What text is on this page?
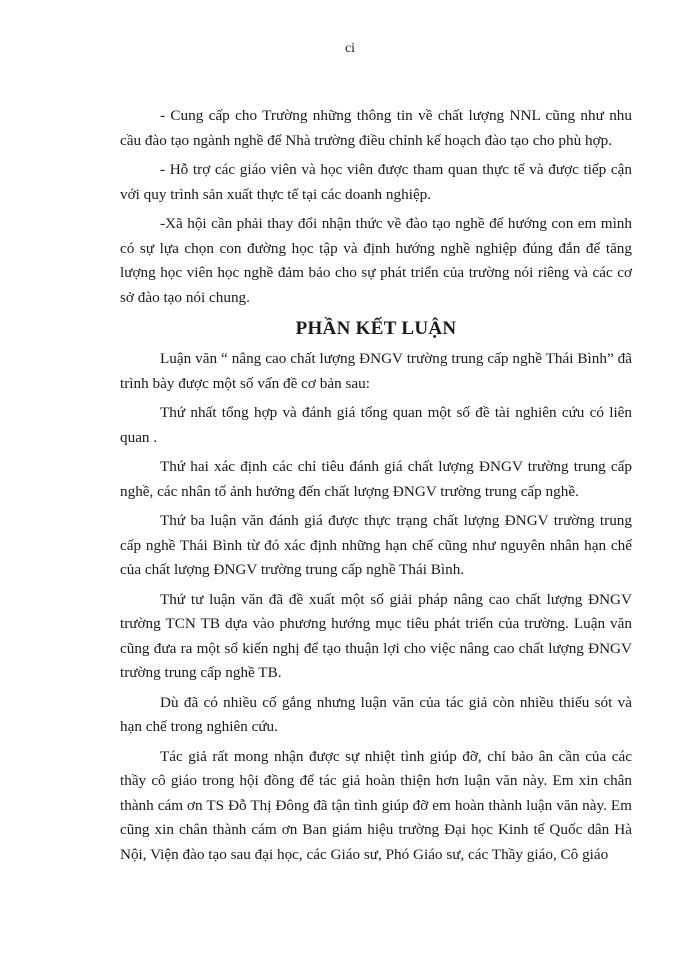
ci

- Cung cấp cho Trường những thông tin về chất lượng NNL cũng như nhu cầu đào tạo ngành nghề để Nhà trường điều chỉnh kế hoạch đào tạo cho phù hợp.

- Hỗ trợ các giáo viên và học viên được tham quan thực tế và được tiếp cận với quy trình sản xuất thực tế tại các doanh nghiệp.

-Xã hội cần phải thay đổi nhận thức về đào tạo nghề để hướng con em mình có sự lựa chọn con đường học tập và định hướng nghề nghiệp đúng đắn để tăng lượng học viên học nghề đảm bảo cho sự phát triển của trường nói riêng và các cơ sở đào tạo nói chung.

PHẦN KẾT LUẬN

Luận văn “ nâng cao chất lượng ĐNGV trường trung cấp nghề Thái Bình” đã trình bày được một số vấn đề cơ bản sau:

Thứ nhất tổng hợp và đánh giá tổng quan một số đề tài nghiên cứu có liên quan .

Thứ hai xác định các chỉ tiêu đánh giá chất lượng ĐNGV trường trung cấp nghề, các nhân tố ảnh hưởng đến chất lượng ĐNGV trường trung cấp nghề.

Thứ ba luận văn đánh giá được thực trạng chất lượng ĐNGV trường trung cấp nghề Thái Bình từ đó xác định những hạn chế cũng như nguyên nhân hạn chế của chất lượng ĐNGV trường trung cấp nghề Thái Bình.

Thứ tư luận văn đã đề xuất một số giải pháp nâng cao chất lượng ĐNGV trường TCN TB dựa vào phương hướng mục tiêu phát triển của trường. Luận văn cũng đưa ra một số kiến nghị để tạo thuận lợi cho việc nâng cao chất lượng ĐNGV trường trung cấp nghề TB.

Dù đã có nhiều cố gắng nhưng luận văn của tác giả còn nhiều thiếu sót và hạn chế trong nghiên cứu.

Tác giả rất mong nhận được sự nhiệt tình giúp đỡ, chỉ bảo ân cần của các thầy cô giáo trong hội đồng để tác giả hoàn thiện hơn luận văn này. Em xin chân thành cám ơn TS Đỗ Thị Đông đã tận tình giúp đỡ em hoàn thành luận văn này. Em cũng xin chân thành cám ơn Ban giám hiệu trường Đại học Kinh tế Quốc dân Hà Nội, Viện đào tạo sau đại học, các Giáo sư, Phó Giáo sư, các Thầy giáo, Cô giáo
